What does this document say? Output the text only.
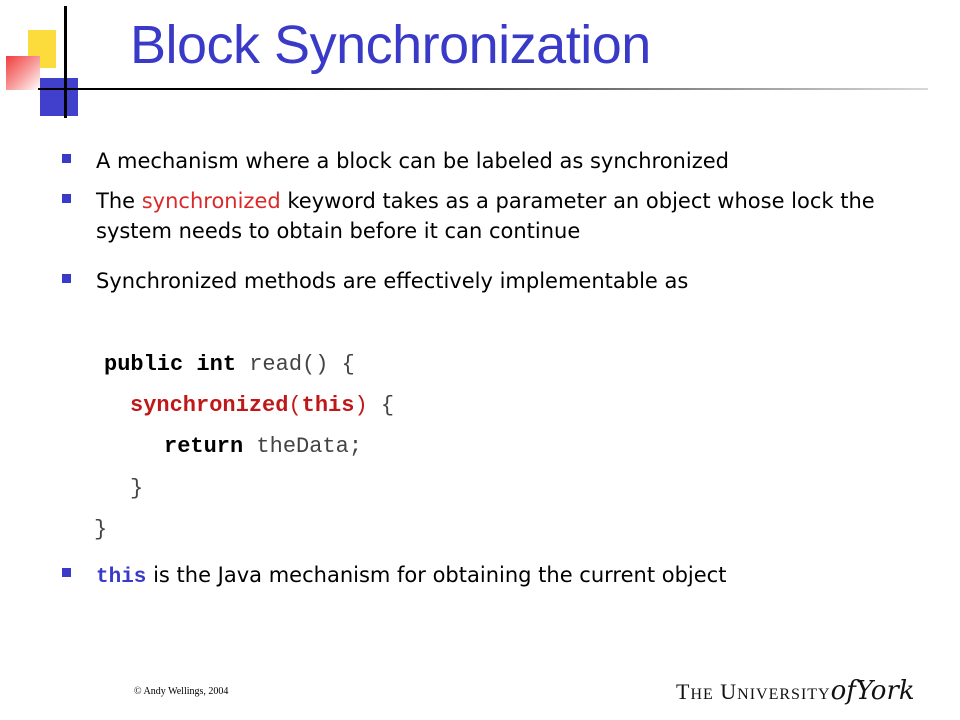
Block Synchronization
A mechanism where a block can be labeled as synchronized
The synchronized keyword takes as a parameter an object whose lock the system needs to obtain before it can continue
Synchronized methods are effectively implementable as
public int read() {
synchronized(this) {
return theData;
}
}
this is the Java mechanism for obtaining the current object
© Andy Wellings, 2004	THE UNIVERSITYofYork
